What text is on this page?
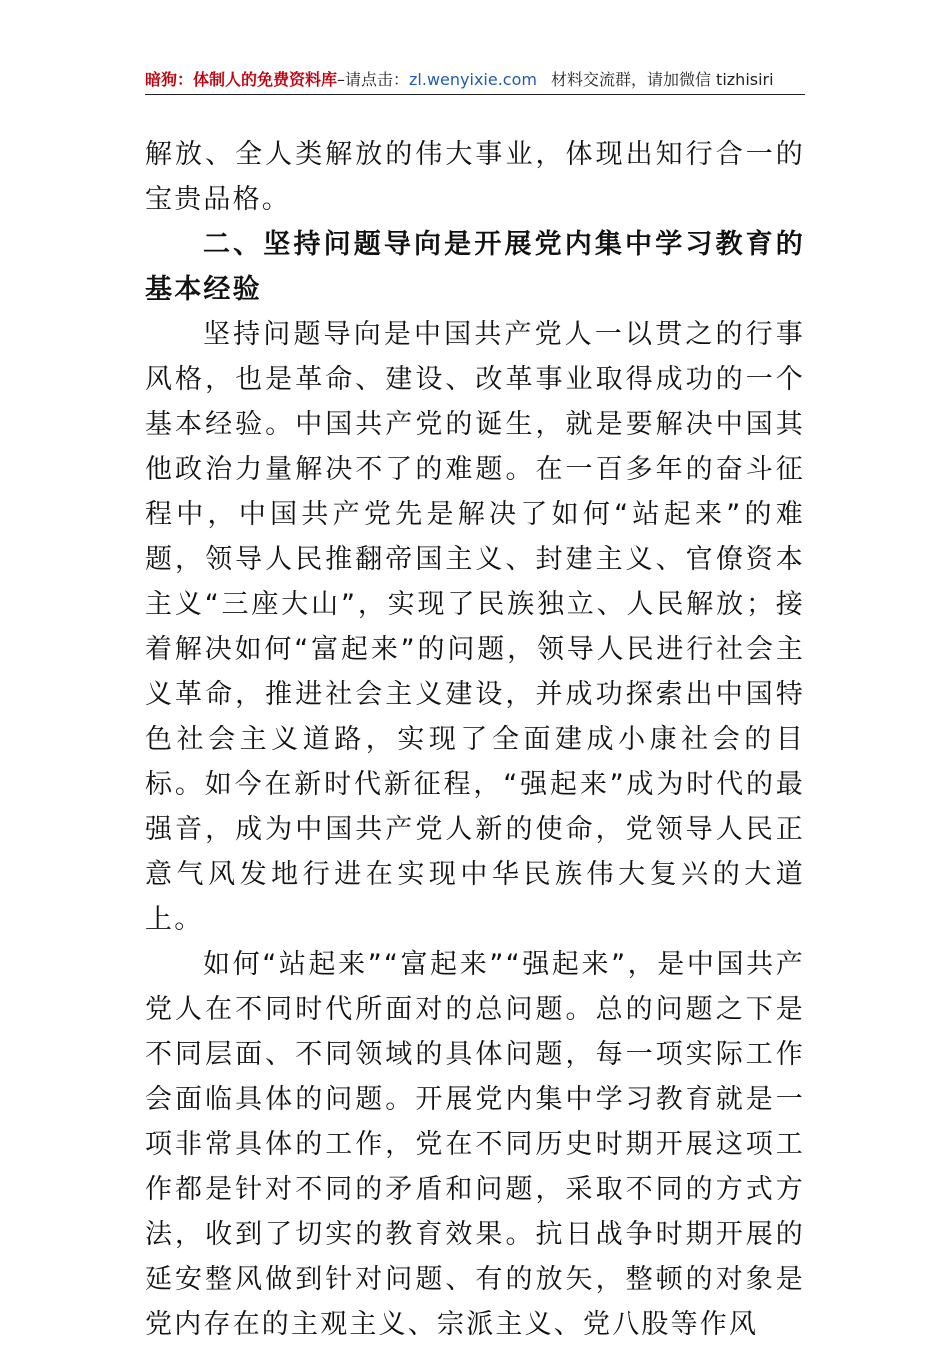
暗狗：体制人的免费资料库–请点击：zl.wenyixie.com 材料交流群，请加微信 tizhisiri

解放、全人类解放的伟大事业，体现出知行合一的宝贵品格。

二、坚持问题导向是开展党内集中学习教育的基本经验

坚持问题导向是中国共产党人一以贯之的行事风格，也是革命、建设、改革事业取得成功的一个基本经验。中国共产党的诞生，就是要解决中国其他政治力量解决不了的难题。在一百多年的奋斗征程中，中国共产党先是解决了如何“站起来”的难题，领导人民推翻帝国主义、封建主义、官僚资本主义“三座大山”，实现了民族独立、人民解放；接着解决如何“富起来”的问题，领导人民进行社会主义革命，推进社会主义建设，并成功探索出中国特色社会主义道路，实现了全面建成小康社会的目标。如今在新时代新征程，“强起来”成为时代的最强音，成为中国共产党人新的使命，党领导人民正意气风发地行进在实现中华民族伟大复兴的大道上。

如何“站起来”“富起来”“强起来”，是中国共产党人在不同时代所面对的总问题。总的问题之下是不同层面、不同领域的具体问题，每一项实际工作会面临具体的问题。开展党内集中学习教育就是一项非常具体的工作，党在不同历史时期开展这项工作都是针对不同的矛盾和问题，采取不同的方式方法，收到了切实的教育效果。抗日战争时期开展的延安整风做到针对问题、有的放矢，整顿的对象是党内存在的主观主义、宗派主义、党八股等作风
